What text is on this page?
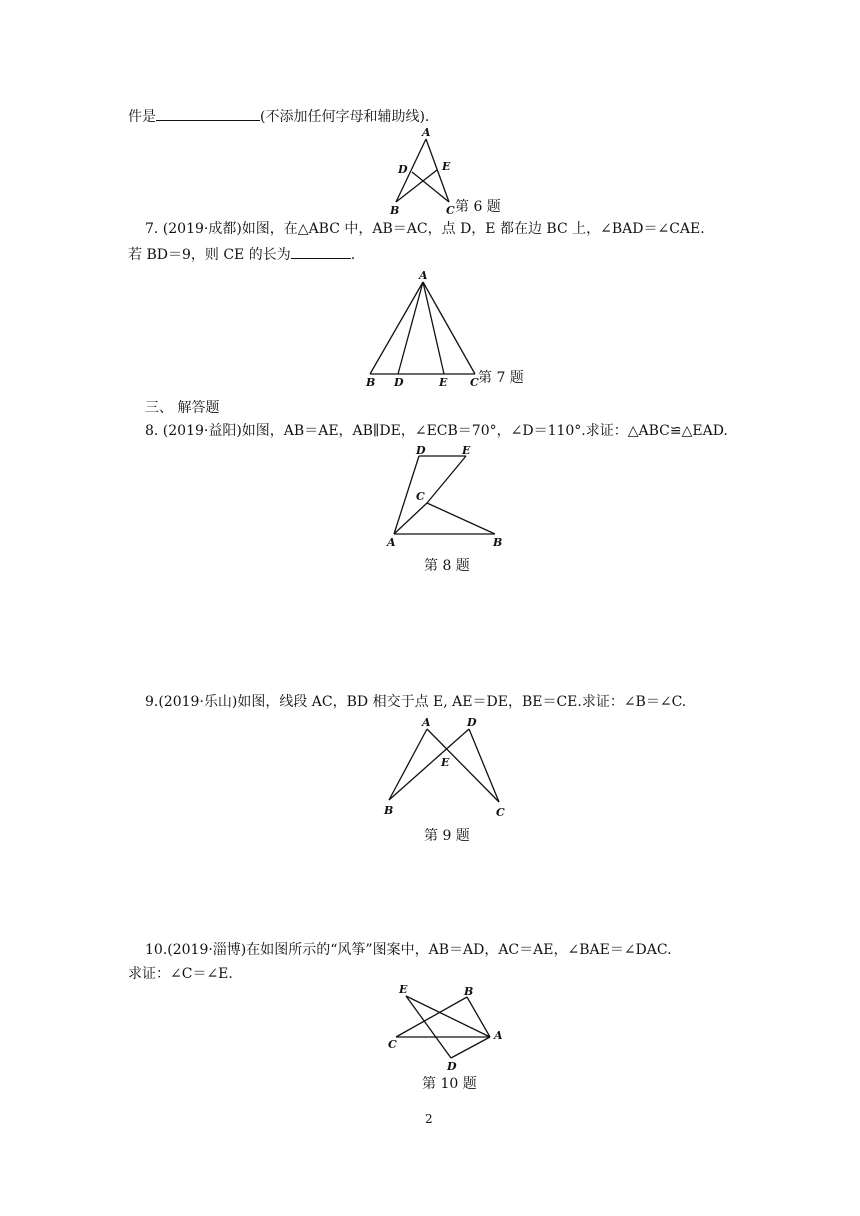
件是	(不添加任何字母和辅助线).
A
D	E
B	C 第 6 题
7. (2019·成都)如图，在△ABC 中，AB＝AC，点 D，E 都在边 BC 上，∠BAD＝∠CAE.
若 BD＝9，则 CE 的长为	.
A
B D	E C 第 7 题
三、 解答题
8. (2019·益阳)如图，AB＝AE，AB∥DE，∠ECB＝70°，∠D＝110°.求证：△ABC≌△EAD.
D	E
C
A	B
第 8 题
9.(2019·乐山)如图，线段 AC，BD 相交于点 E, AE＝DE，BE＝CE.求证：∠B＝∠C.
A	D
E
B	C
第 9 题
10.(2019·淄博)在如图所示的“风筝”图案中，AB＝AD，AC＝AE，∠BAE＝∠DAC.
求证：∠C＝∠E.
E	B
C
A
D
第 10 题
2
